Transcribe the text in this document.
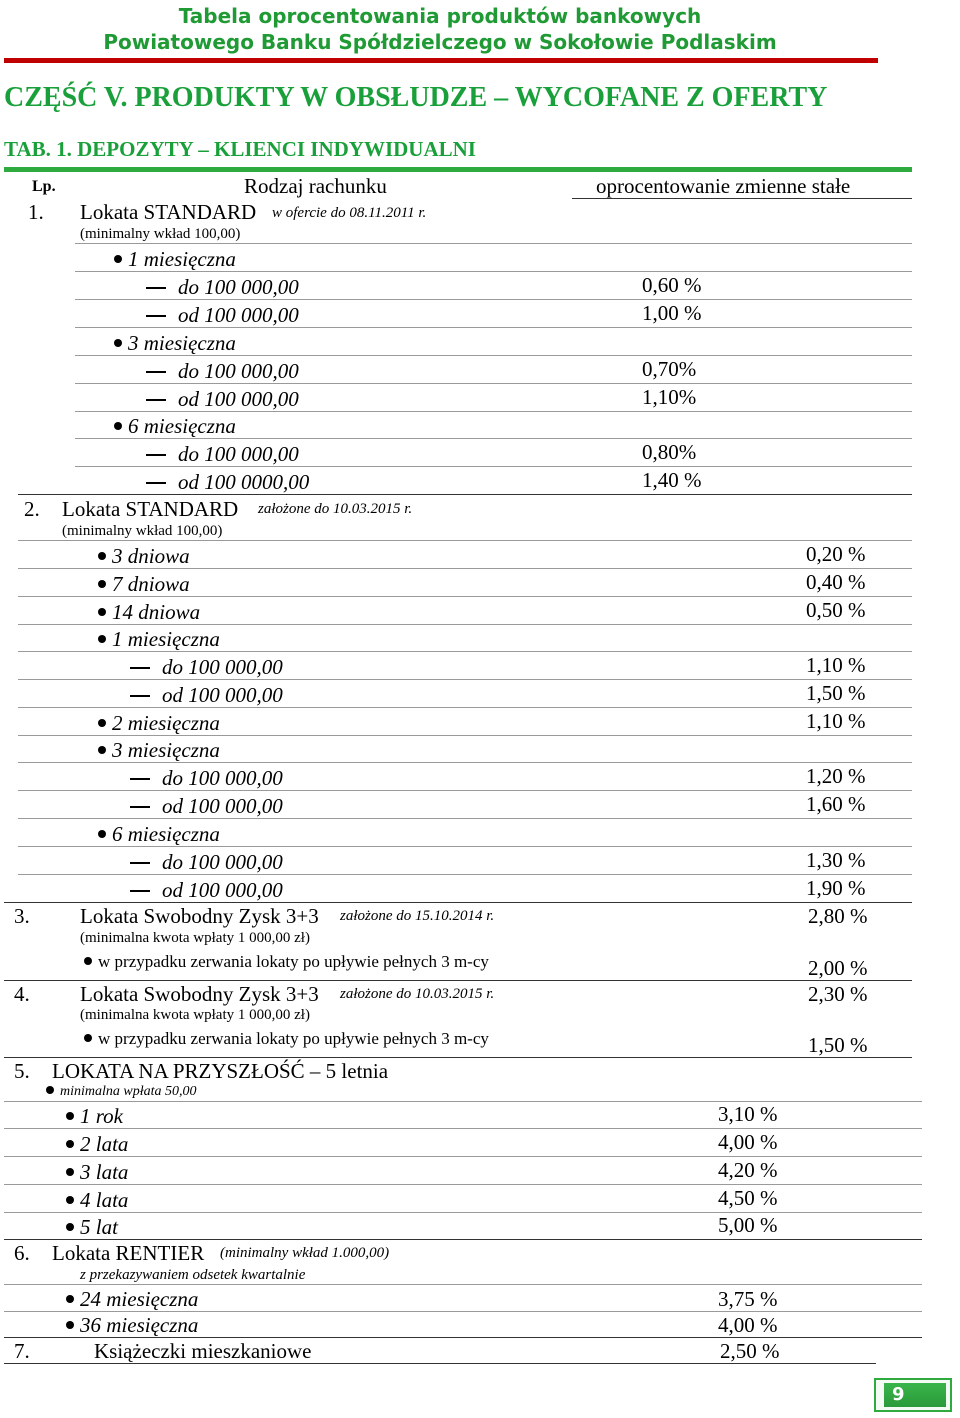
Tabela oprocentowania produktów bankowych
Powiatowego Banku Spółdzielczego w Sokołowie Podlaskim
CZĘŚĆ V. PRODUKTY W OBSŁUDZE – WYCOFANE Z OFERTY
TAB. 1. DEPOZYTY – KLIENCI INDYWIDUALNI
Lp.	Rodzaj rachunku	oprocentowanie zmienne stałe
1. Lokata STANDARD w ofercie do 08.11.2011 r.
(minimalny wkład 100,00)
1 miesięczna
do 100 000,00	0,60 %
od 100 000,00	1,00 %
3 miesięczna
do 100 000,00	0,70%
od 100 000,00	1,10%
6 miesięczna
do 100 000,00	0,80%
od 100 0000,00	1,40 %
2. Lokata STANDARD założone do 10.03.2015 r.
(minimalny wkład 100,00)
3 dniowa	0,20 %
7 dniowa	0,40 %
14 dniowa	0,50 %
1 miesięczna
do 100 000,00	1,10 %
od 100 000,00	1,50 %
2 miesięczna	1,10 %
3 miesięczna
do 100 000,00	1,20 %
od 100 000,00	1,60 %
6 miesięczna
do 100 000,00	1,30 %
od 100 000,00	1,90 %
3. Lokata Swobodny Zysk 3+3 założone do 15.10.2014 r.	2,80 %
(minimalna kwota wpłaty 1 000,00 zł)
w przypadku zerwania lokaty po upływie pełnych 3 m-cy	2,00 %
4. Lokata Swobodny Zysk 3+3 założone do 10.03.2015 r.	2,30 %
(minimalna kwota wpłaty 1 000,00 zł)
w przypadku zerwania lokaty po upływie pełnych 3 m-cy	1,50 %
5. LOKATA NA PRZYSZŁOŚĆ – 5 letnia
minimalna wpłata 50,00
1 rok	3,10 %
2 lata	4,00 %
3 lata	4,20 %
4 lata	4,50 %
5 lat	5,00 %
6. Lokata RENTIER (minimalny wkład 1.000,00)
z przekazywaniem odsetek kwartalnie
24 miesięczna	3,75 %
36 miesięczna	4,00 %
7.	Książeczki mieszkaniowe	2,50 %
9
